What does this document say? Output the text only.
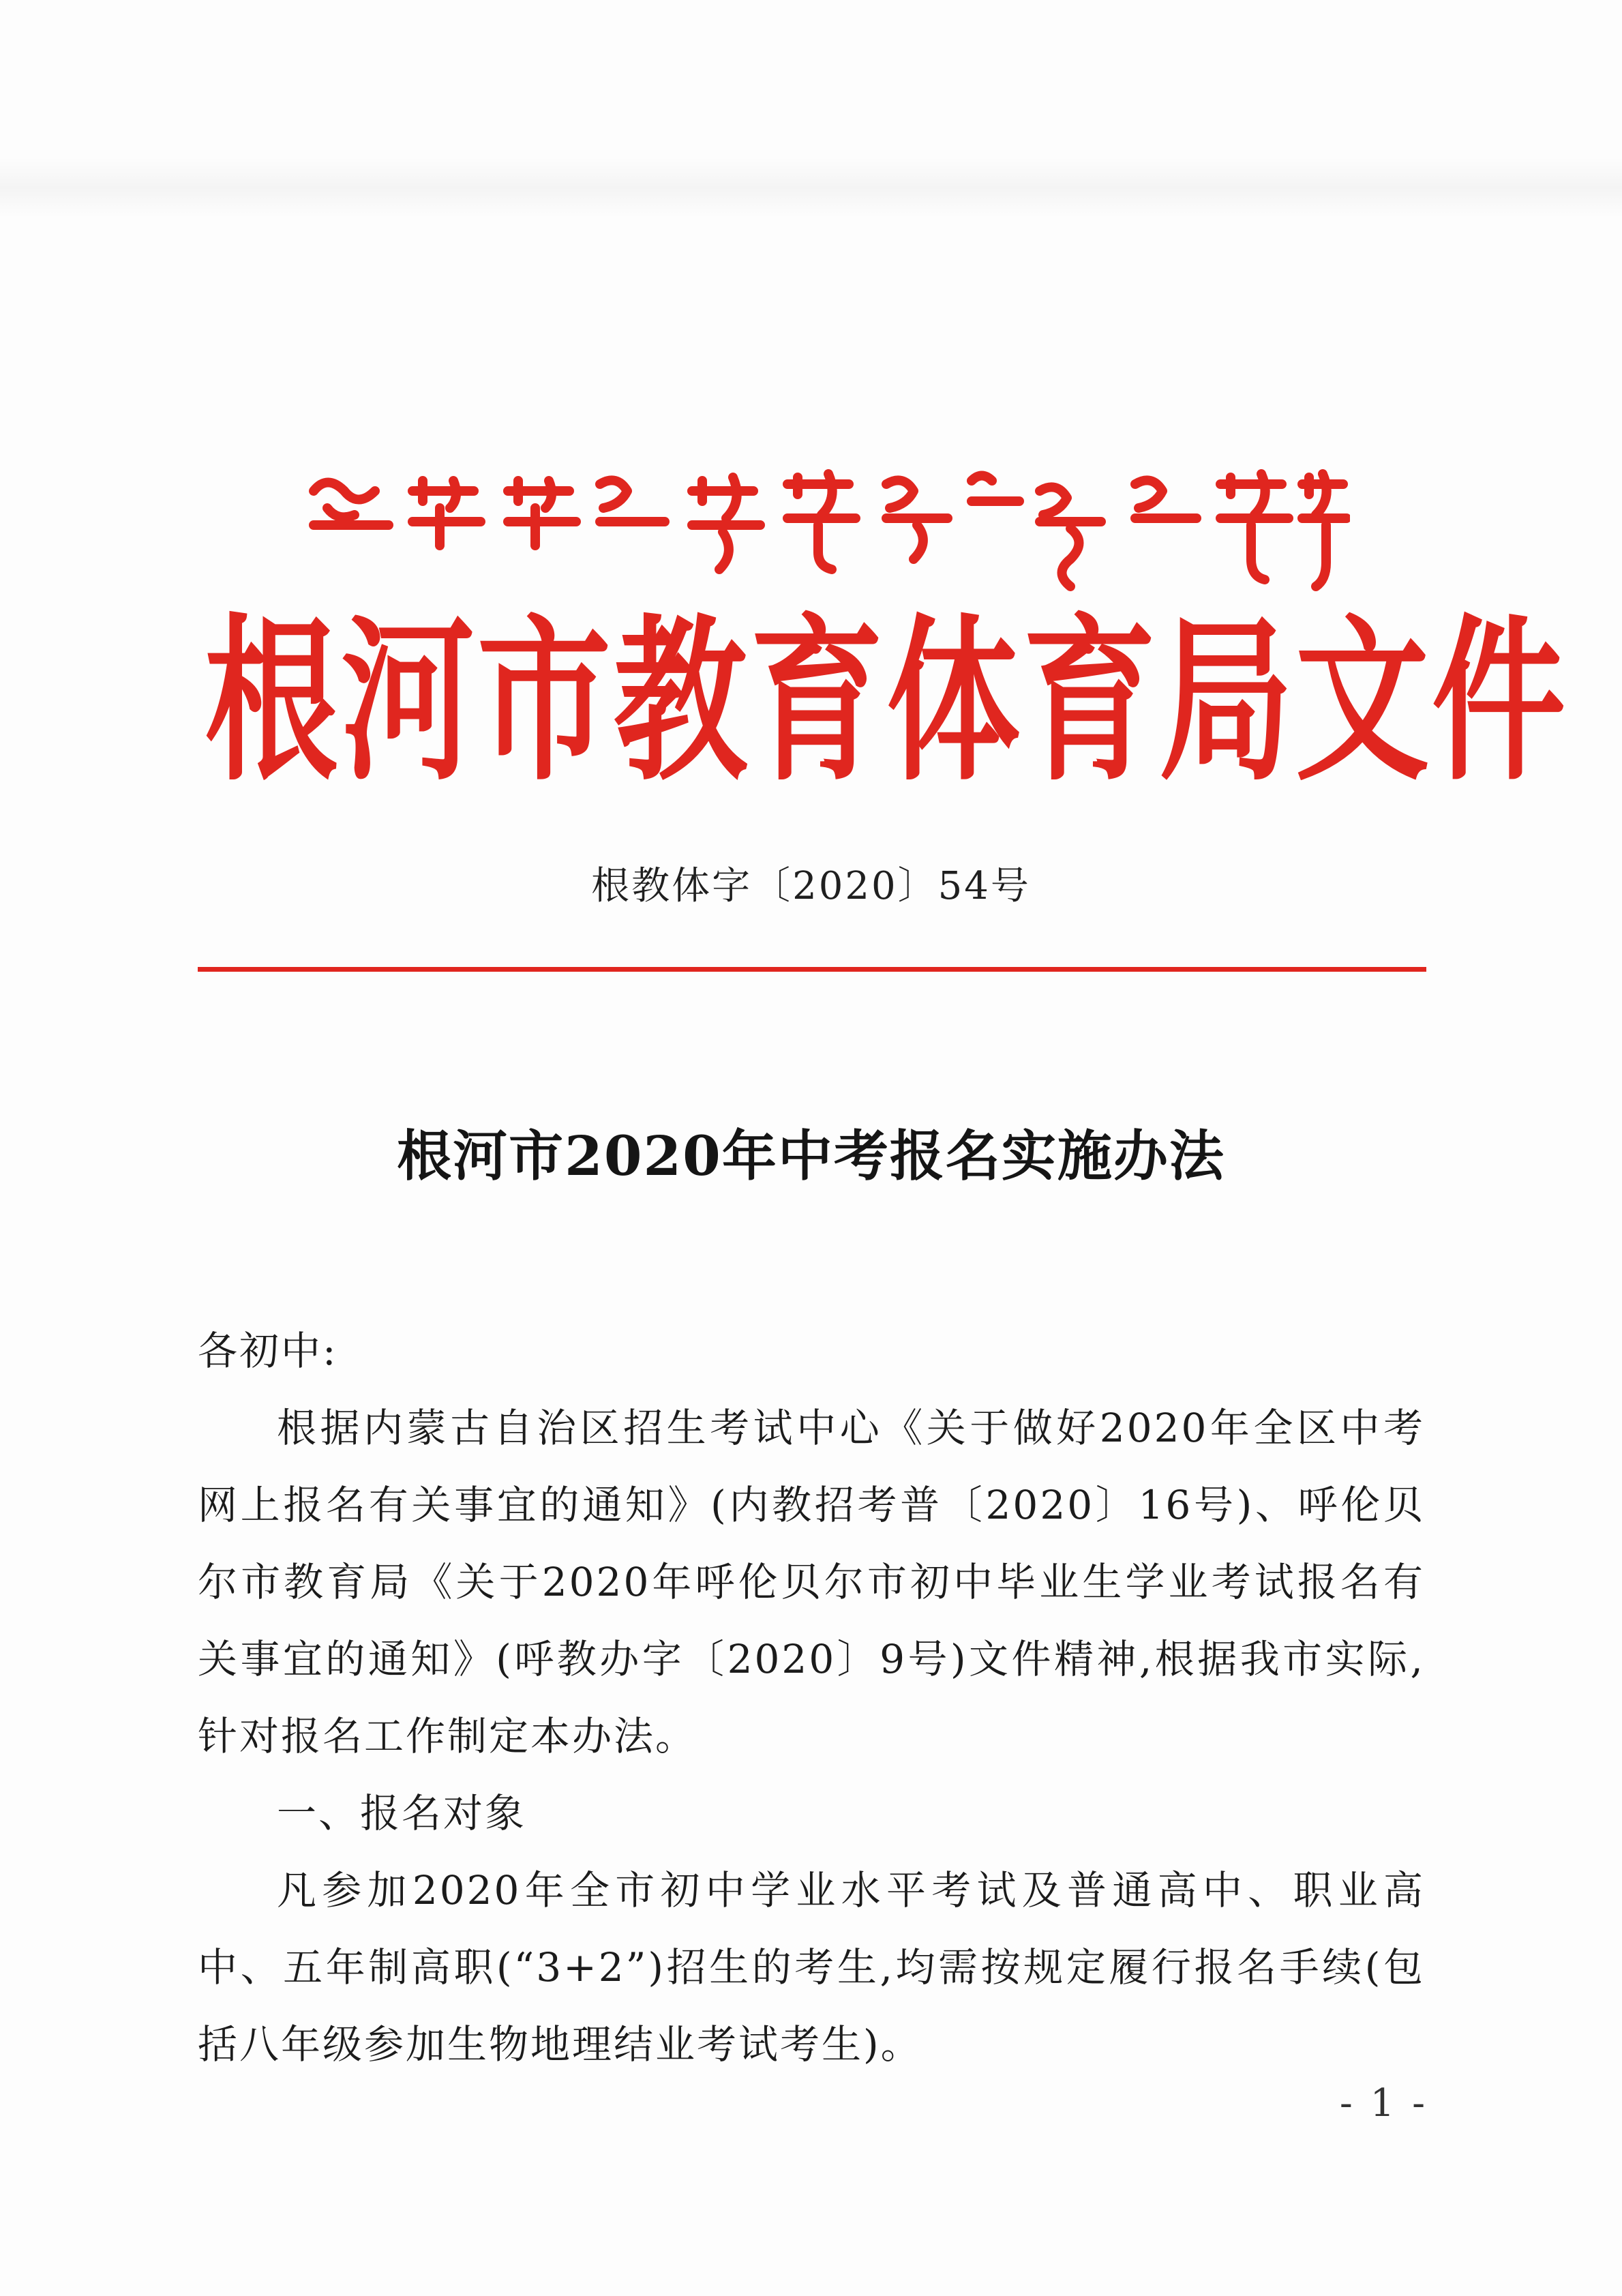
根河市教育体育局文件
根教体字〔2020〕54号
根河市2020年中考报名实施办法

各初中:

根据内蒙古自治区招生考试中心《关于做好2020年全区中考网上报名有关事宜的通知》(内教招考普〔2020〕16号)、呼伦贝尔市教育局《关于2020年呼伦贝尔市初中毕业生学业考试报名有关事宜的通知》(呼教办字〔2020〕9号)文件精神,根据我市实际,针对报名工作制定本办法。

一、报名对象

凡参加2020年全市初中学业水平考试及普通高中、职业高中、五年制高职(“3+2”)招生的考生,均需按规定履行报名手续(包括八年级参加生物地理结业考试考生)。

- 1 -
